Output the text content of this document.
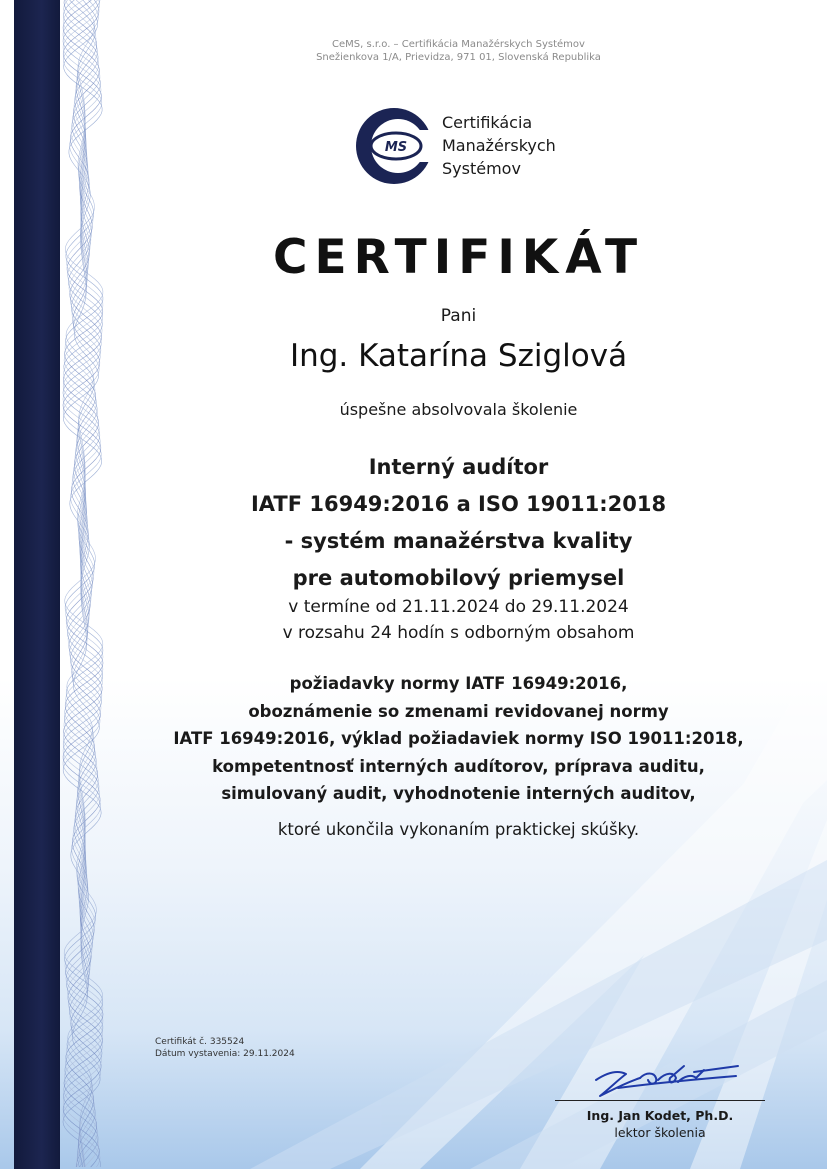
CeMS, s.r.o. – Certifikácia Manažérskych Systémov
Snežienkova 1/A, Prievidza, 971 01, Slovenská Republika
MS
Certifikácia
Manažérskych
Systémov
CERTIFIKÁT
Pani
Ing. Katarína Sziglová
úspešne absolvovala školenie
Interný audítor
IATF 16949:2016 a ISO 19011:2018
- systém manažérstva kvality
pre automobilový priemysel
v termíne od 21.11.2024 do 29.11.2024
v rozsahu 24 hodín s odborným obsahom
požiadavky normy IATF 16949:2016,
oboznámenie so zmenami revidovanej normy
IATF 16949:2016, výklad požiadaviek normy ISO 19011:2018,
kompetentnosť interných audítorov, príprava auditu,
simulovaný audit, vyhodnotenie interných auditov,
ktoré ukončila vykonaním praktickej skúšky.
Certifikát č. 335524
Dátum vystavenia: 29.11.2024
Ing. Jan Kodet, Ph.D.
lektor školenia
